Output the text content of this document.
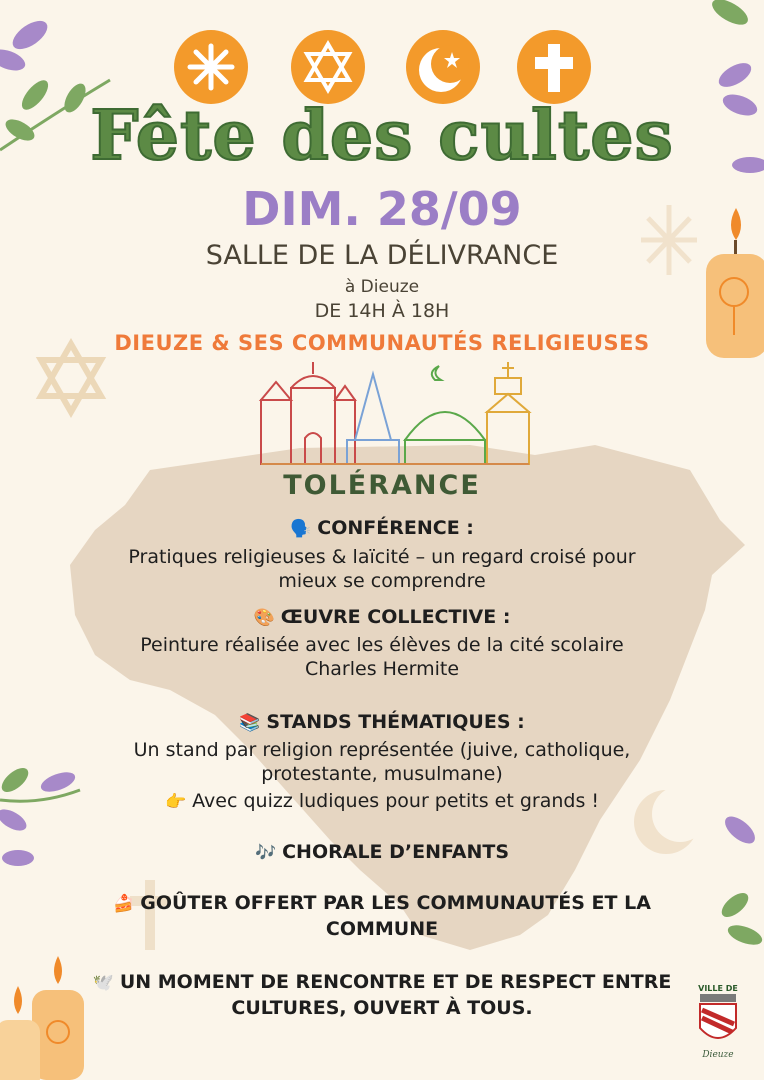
Fête des cultes
DIM. 28/09
SALLE DE LA DÉLIVRANCE
à Dieuze
DE 14H À 18H
DIEUZE & SES COMMUNAUTÉS RELIGIEUSES
TOLÉRANCE
🗣️ CONFÉRENCE :
Pratiques religieuses & laïcité – un regard croisé pour
mieux se comprendre
🎨 ŒUVRE COLLECTIVE :
Peinture réalisée avec les élèves de la cité scolaire
Charles Hermite
📚 STANDS THÉMATIQUES :
Un stand par religion représentée (juive, catholique,
protestante, musulmane)
👉 Avec quizz ludiques pour petits et grands !
🎶 CHORALE D’ENFANTS
🍰 GOÛTER OFFERT PAR LES COMMUNAUTÉS ET LA
COMMUNE
🕊️ UN MOMENT DE RENCONTRE ET DE RESPECT ENTRE
CULTURES, OUVERT À TOUS.
VILLE DE
Dieuze
